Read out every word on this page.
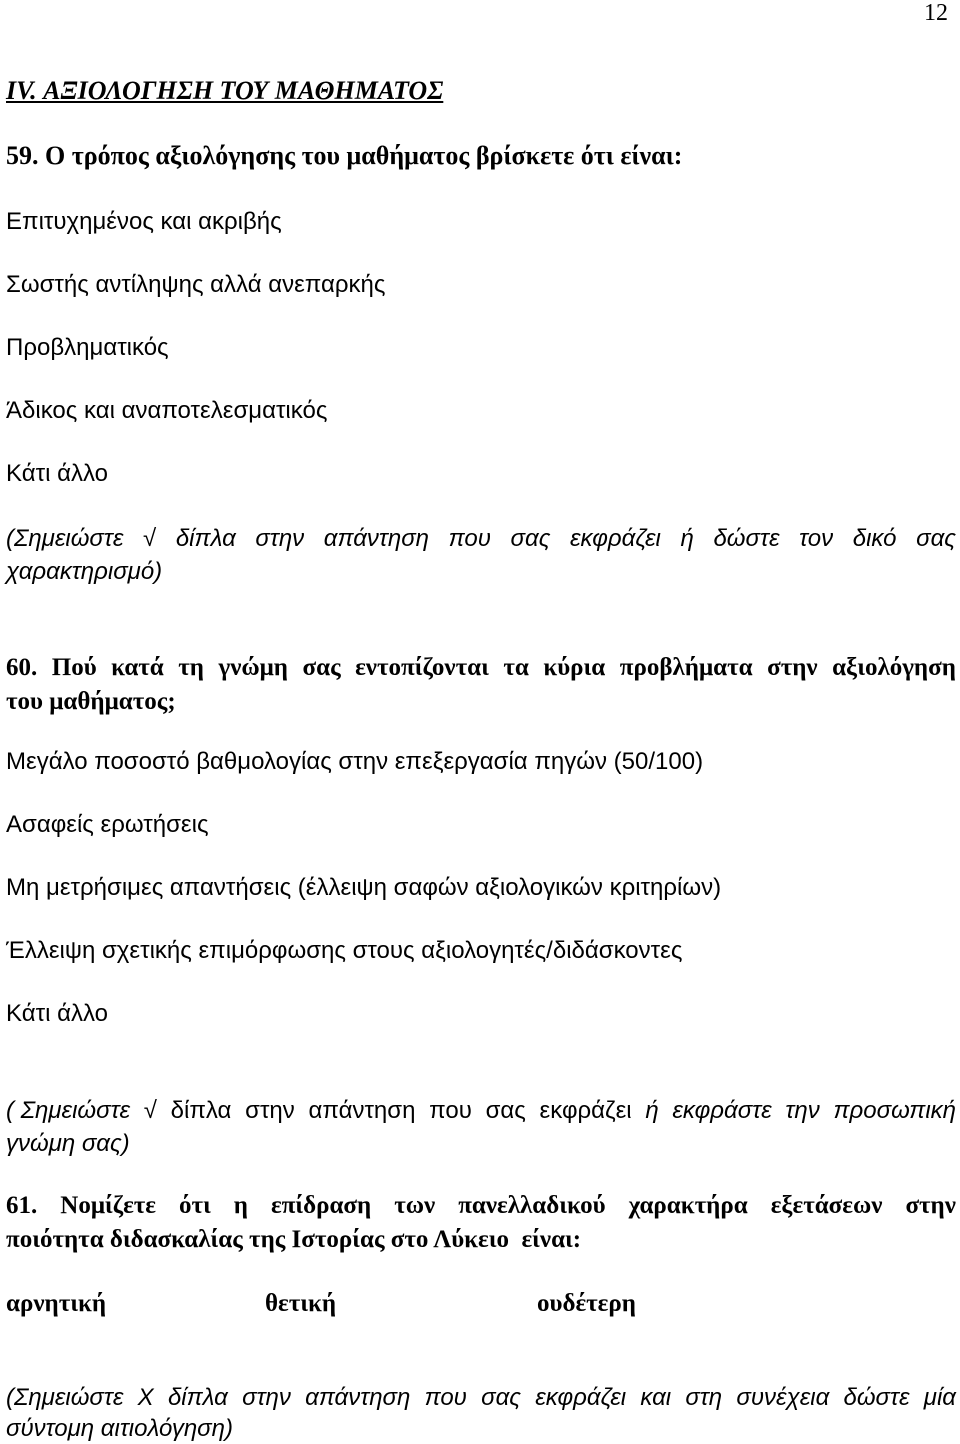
12
IV. ΑΞΙΟΛΟΓΗΣΗ ΤΟΥ ΜΑΘΗΜΑΤΟΣ
59. Ο τρόπος αξιολόγησης του μαθήματος βρίσκετε ότι είναι:
Επιτυχημένος και ακριβής
Σωστής αντίληψης αλλά ανεπαρκής
Προβληματικός
Άδικος και αναποτελεσματικός
Κάτι άλλο
(Σημειώστε √ δίπλα στην απάντηση που σας εκφράζει ή δώστε τον δικό σας
χαρακτηρισμό)
60. Πού κατά τη γνώμη σας εντοπίζονται τα κύρια προβλήματα στην αξιολόγηση
του μαθήματος;
Μεγάλο ποσοστό βαθμολογίας στην επεξεργασία πηγών (50/100)
Ασαφείς ερωτήσεις
Μη μετρήσιμες απαντήσεις (έλλειψη σαφών αξιολογικών κριτηρίων)
Έλλειψη σχετικής επιμόρφωσης στους αξιολογητές/διδάσκοντες
Κάτι άλλο
( Σημειώστε √ δίπλα στην απάντηση που σας εκφράζει ή εκφράστε την προσωπική
γνώμη σας)
61. Νομίζετε ότι η επίδραση των πανελλαδικού χαρακτήρα εξετάσεων στην
ποιότητα διδασκαλίας της Ιστορίας στο Λύκειο  είναι:
αρνητική	θετική	ουδέτερη
(Σημειώστε Χ δίπλα στην απάντηση που σας εκφράζει και στη συνέχεια δώστε μία
σύντομη αιτιολόγηση)
